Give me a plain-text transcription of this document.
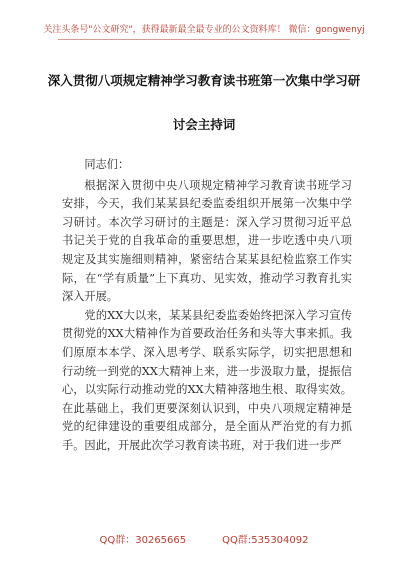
关注头条号"公文研究"，获得最新最全最专业的公文资料库！ 微信：gongwenyj
深入贯彻八项规定精神学习教育读书班第一次集中学习研
讨会主持词

同志们：

根据深入贯彻中央八项规定精神学习教育读书班学习安排，今天，我们某某县纪委监委组织开展第一次集中学习研讨。本次学习研讨的主题是：深入学习贯彻习近平总书记关于党的自我革命的重要思想，进一步吃透中央八项规定及其实施细则精神，紧密结合某某县纪检监察工作实际，在“学有质量”上下真功、见实效，推动学习教育扎实深入开展。

党的XX大以来，某某县纪委监委始终把深入学习宣传贯彻党的XX大精神作为首要政治任务和头等大事来抓。我们原原本本学、深入思考学、联系实际学，切实把思想和行动统一到党的XX大精神上来，进一步汲取力量，提振信心，以实际行动推动党的XX大精神落地生根、取得实效。在此基础上，我们更要深刻认识到，中央八项规定精神是党的纪律建设的重要组成部分，是全面从严治党的有力抓手。因此，开展此次学习教育读书班，对于我们进一步严

QQ群：30265665	QQ群:535304092
